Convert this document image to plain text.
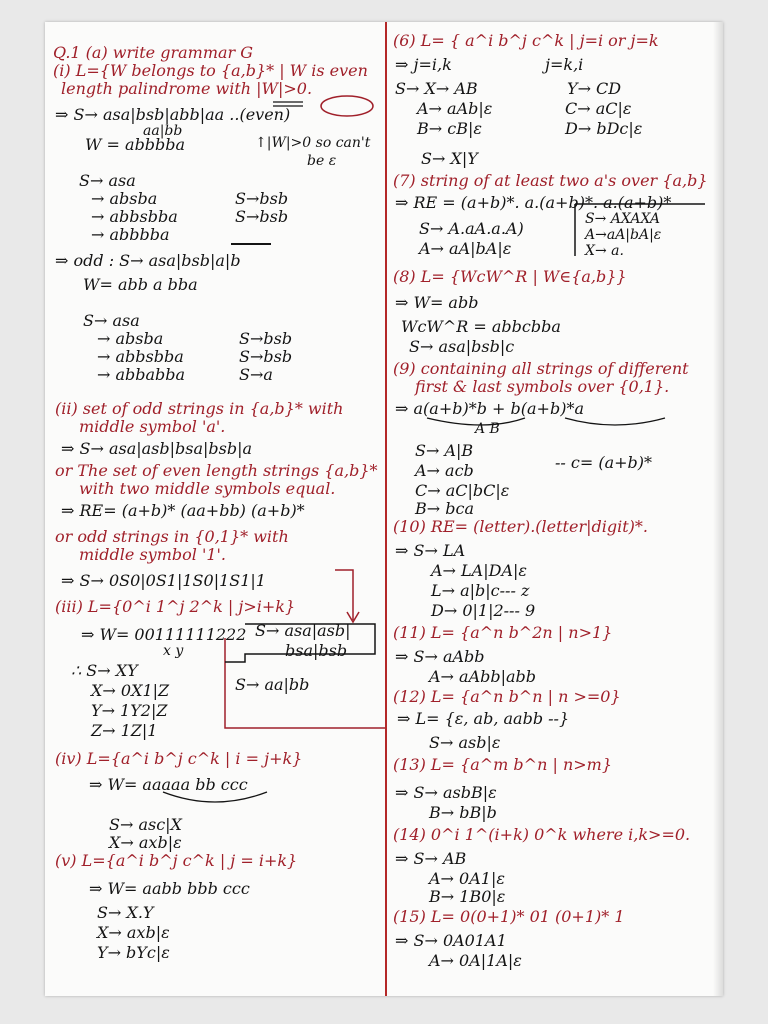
Q.1 (a) write grammar G
(i) L={W belongs to {a,b}* | W is even
length palindrome with |W|>0.
⇒ S→ asa|bsb|abb|aa ..(even)
aa|bb
W = abbbba	↑|W|>0 so can't
be ε
S→ asa
→ absba	S→bsb
→ abbsbba	S→bsb
→ abbbba
⇒ odd : S→ asa|bsb|a|b
W= abb a bba
S→ asa
→ absba	S→bsb
→ abbsbba	S→bsb
→ abbabba	S→a
(ii) set of odd strings in {a,b}* with
middle symbol 'a'.
⇒ S→ asa|asb|bsa|bsb|a
or The set of even length strings {a,b}*
with two middle symbols equal.
⇒ RE= (a+b)* (aa+bb) (a+b)*
or odd strings in {0,1}* with
middle symbol '1'.
⇒ S→ 0S0|0S1|1S0|1S1|1
(iii) L={0^i 1^j 2^k | j>i+k}
⇒ W= 00111111222
x y
∴ S→ XY
X→ 0X1|Z
Y→ 1Y2|Z
Z→ 1Z|1
(iv) L={a^i b^j c^k | i = j+k}
⇒ W= aaaaa bb ccc
S→ asc|X
X→ axb|ε
(v) L={a^i b^j c^k | j = i+k}
⇒ W= aabb bbb ccc
S→ X.Y
X→ axb|ε
Y→ bYc|ε
S→ asa|asb|
bsa|bsb
S→ aa|bb
(6) L= { a^i b^j c^k | j=i or j=k
⇒ j=i,k	j=k,i
S→ X→ AB	Y→ CD
A→ aAb|ε	C→ aC|ε
B→ cB|ε	D→ bDc|ε
S→ X|Y
(7) string of at least two a's over {a,b}
⇒ RE = (a+b)*. a.(a+b)*. a.(a+b)*
S→ AXAXA
S→ A.aA.a.A)	A→aA|bA|ε
A→ aA|bA|ε	X→ a.
(8) L= {WcW^R | W∈{a,b}}
⇒ W= abb
WcW^R = abbcbba
S→ asa|bsb|c
(9) containing all strings of different
first & last symbols over {0,1}.
⇒ a(a+b)*b + b(a+b)*a
A B
S→ A|B
A→ acb	-- c= (a+b)*
C→ aC|bC|ε
B→ bca
(10) RE= (letter).(letter|digit)*.
⇒ S→ LA
A→ LA|DA|ε
L→ a|b|c--- z
D→ 0|1|2--- 9
(11) L= {a^n b^2n | n>1}
⇒ S→ aAbb
A→ aAbb|abb
(12) L= {a^n b^n | n >=0}
⇒ L= {ε, ab, aabb --}
S→ asb|ε
(13) L= {a^m b^n | n>m}
⇒ S→ asbB|ε
B→ bB|b
(14) 0^i 1^(i+k) 0^k where i,k>=0.
⇒ S→ AB
A→ 0A1|ε
B→ 1B0|ε
(15) L= 0(0+1)* 01 (0+1)* 1
⇒ S→ 0A01A1
A→ 0A|1A|ε
